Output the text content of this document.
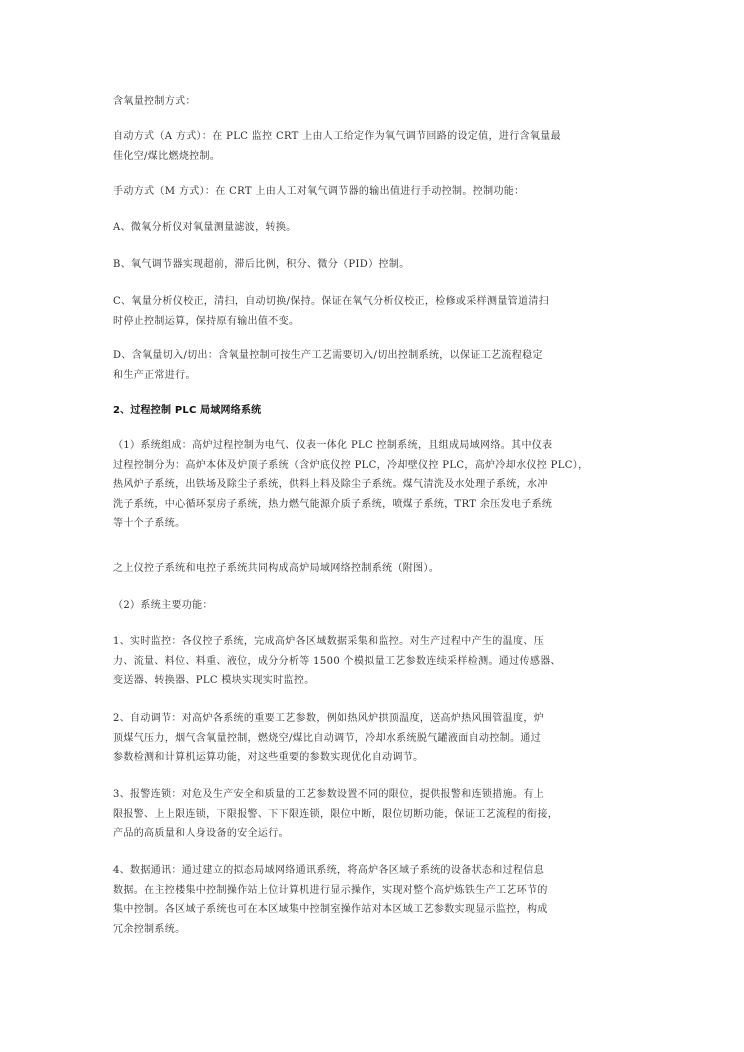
含氧量控制方式：

自动方式（A 方式）：在 PLC 监控 CRT 上由人工给定作为氧气调节回路的设定值，进行含氧量最
佳化空/煤比燃烧控制。

手动方式（M 方式）：在 CRT 上由人工对氧气调节器的输出值进行手动控制。控制功能：

A、微氧分析仪对氧量测量滤波，转换。

B、氧气调节器实现超前，滞后比例，积分、微分（PID）控制。

C、氧量分析仪校正，清扫，自动切换/保持。保证在氧气分析仪校正，检修或采样测量管道清扫
时停止控制运算，保持原有输出值不变。

D、含氧量切入/切出：含氧量控制可按生产工艺需要切入/切出控制系统，以保证工艺流程稳定
和生产正常进行。

2、过程控制 PLC 局域网络系统

（1）系统组成：高炉过程控制为电气、仪表一体化 PLC 控制系统，且组成局域网络。其中仪表
过程控制分为：高炉本体及炉顶子系统（含炉底仪控 PLC，冷却壁仪控 PLC，高炉冷却水仪控 PLC），
热风炉子系统，出铁场及除尘子系统，供料上料及除尘子系统。煤气清洗及水处理子系统，水冲
洗子系统，中心循环泵房子系统，热力燃气能源介质子系统，喷煤子系统，TRT 余压发电子系统
等十个子系统。

之上仪控子系统和电控子系统共同构成高炉局域网络控制系统（附图）。

（2）系统主要功能：

1、实时监控：各仪控子系统，完成高炉各区域数据采集和监控。对生产过程中产生的温度、压
力、流量、料位、料重、液位，成分分析等 1500 个模拟量工艺参数连续采样检测。通过传感器、
变送器、转换器、PLC 模块实现实时监控。

2、自动调节：对高炉各系统的重要工艺参数，例如热风炉拱顶温度，送高炉热风围管温度，炉
顶煤气压力，烟气含氧量控制，燃烧空/煤比自动调节，冷却水系统脱气罐液面自动控制。通过
参数检测和计算机运算功能，对这些重要的参数实现优化自动调节。

3、报警连锁：对危及生产安全和质量的工艺参数设置不同的限位，提供报警和连锁措施。有上
限报警、上上限连锁，下限报警、下下限连锁，限位中断，限位切断功能，保证工艺流程的衔接，
产品的高质量和人身设备的安全运行。

4、数据通讯：通过建立的拟态局域网络通讯系统，将高炉各区域子系统的设备状态和过程信息
数据。在主控楼集中控制操作站上位计算机进行显示操作，实现对整个高炉炼铁生产工艺环节的
集中控制。各区域子系统也可在本区域集中控制室操作站对本区域工艺参数实现显示监控，构成
冗余控制系统。
